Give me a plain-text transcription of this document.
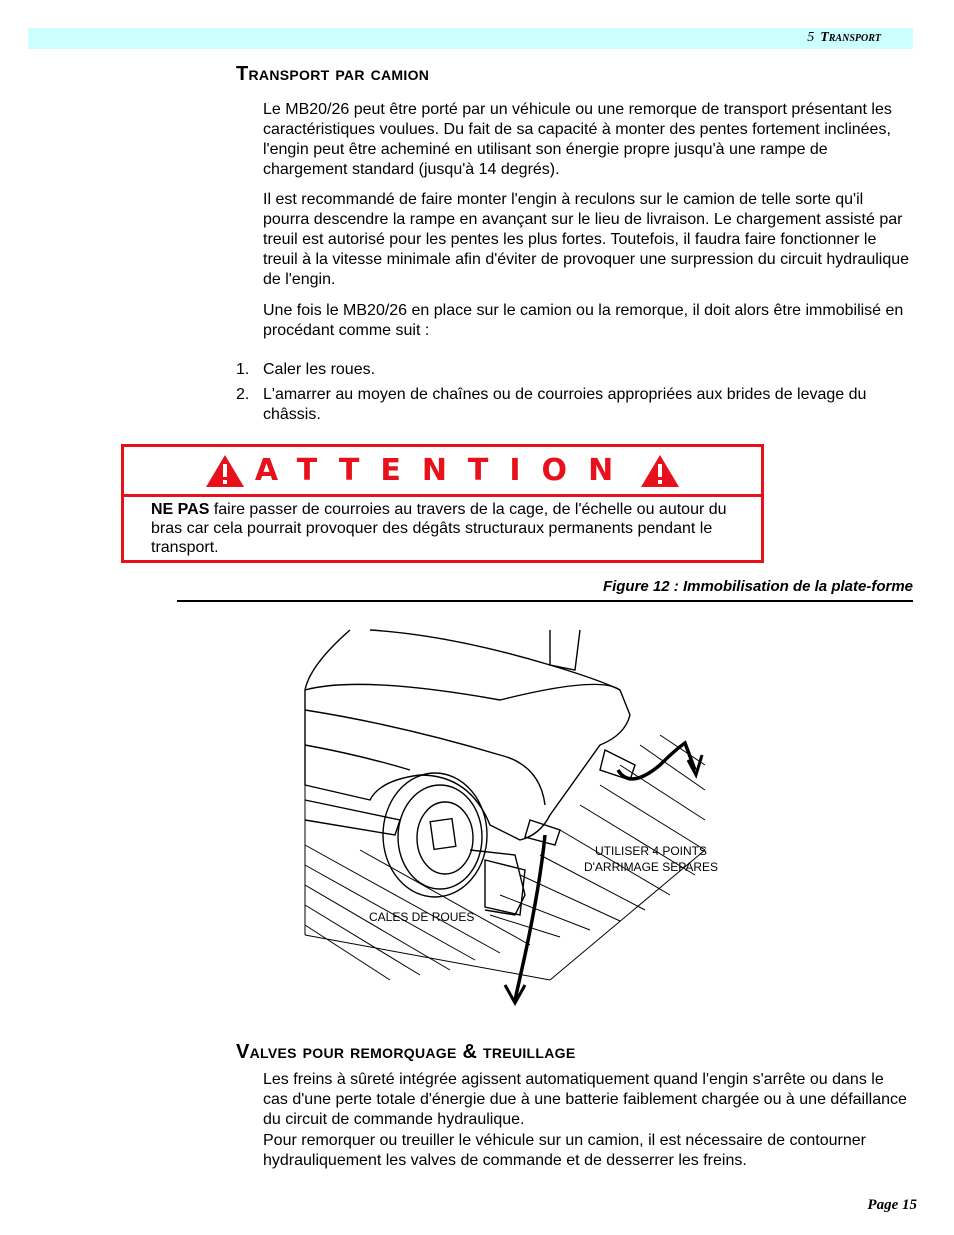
5 Transport
Transport par camion

Le MB20/26 peut être porté par un véhicule ou une remorque de transport présentant les caractéristiques voulues. Du fait de sa capacité à monter des pentes fortement inclinées, l'engin peut être acheminé en utilisant son énergie propre jusqu'à une rampe de chargement standard (jusqu'à 14 degrés).

Il est recommandé de faire monter l'engin à reculons sur le camion de telle sorte qu'il pourra descendre la rampe en avançant sur le lieu de livraison. Le chargement assisté par treuil est autorisé pour les pentes les plus fortes. Toutefois, il faudra faire fonctionner le treuil à la vitesse minimale afin d'éviter de provoquer une surpression du circuit hydraulique de l'engin.

Une fois le MB20/26 en place sur le camion ou la remorque, il doit alors être immobilisé en procédant comme suit :

1. Caler les roues.
2. L'amarrer au moyen de chaînes ou de courroies appropriées aux brides de levage du châssis.
ATTENTION
NE PAS faire passer de courroies au travers de la cage, de l'échelle ou autour du bras car cela pourrait provoquer des dégâts structuraux permanents pendant le transport.
Figure 12 : Immobilisation de la plate-forme
UTILISER 4 POINTS
D'ARRIMAGE SEPARES
CALES DE ROUES
Valves pour remorquage & treuillage

Les freins à sûreté intégrée agissent automatiquement quand l'engin s'arrête ou dans le cas d'une perte totale d'énergie due à une batterie faiblement chargée ou à une défaillance du circuit de commande hydraulique.

Pour remorquer ou treuiller le véhicule sur un camion, il est nécessaire de contourner hydrauliquement les valves de commande et de desserrer les freins.

Page 15
